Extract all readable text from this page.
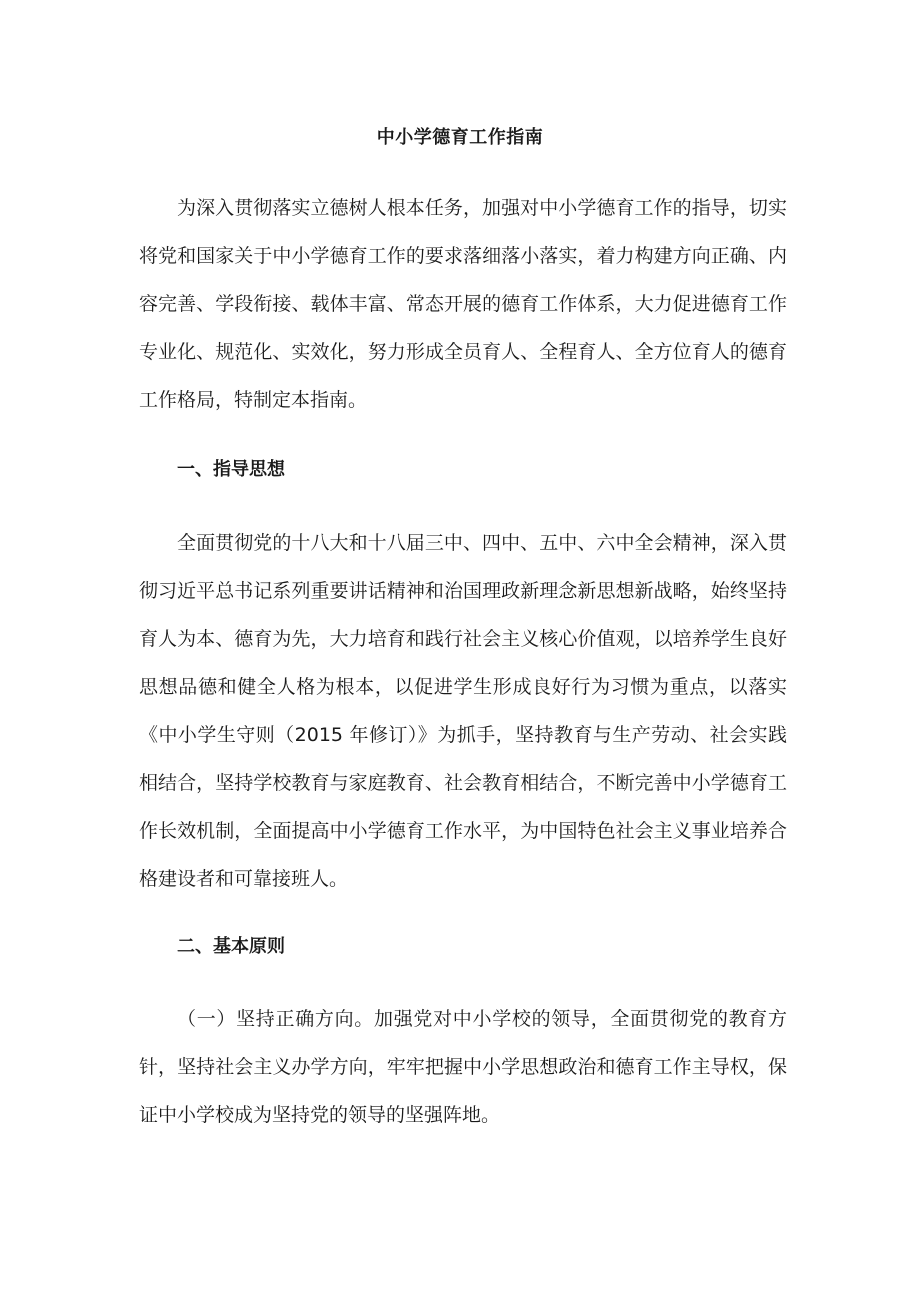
中小学德育工作指南

为深入贯彻落实立德树人根本任务，加强对中小学德育工作的指导，切实将党和国家关于中小学德育工作的要求落细落小落实，着力构建方向正确、内容完善、学段衔接、载体丰富、常态开展的德育工作体系，大力促进德育工作专业化、规范化、实效化，努力形成全员育人、全程育人、全方位育人的德育工作格局，特制定本指南。

一、指导思想

全面贯彻党的十八大和十八届三中、四中、五中、六中全会精神，深入贯彻习近平总书记系列重要讲话精神和治国理政新理念新思想新战略，始终坚持育人为本、德育为先，大力培育和践行社会主义核心价值观，以培养学生良好思想品德和健全人格为根本，以促进学生形成良好行为习惯为重点，以落实《中小学生守则（2015 年修订）》为抓手，坚持教育与生产劳动、社会实践相结合，坚持学校教育与家庭教育、社会教育相结合，不断完善中小学德育工作长效机制，全面提高中小学德育工作水平，为中国特色社会主义事业培养合格建设者和可靠接班人。

二、基本原则

（一）坚持正确方向。加强党对中小学校的领导，全面贯彻党的教育方针，坚持社会主义办学方向，牢牢把握中小学思想政治和德育工作主导权，保证中小学校成为坚持党的领导的坚强阵地。
